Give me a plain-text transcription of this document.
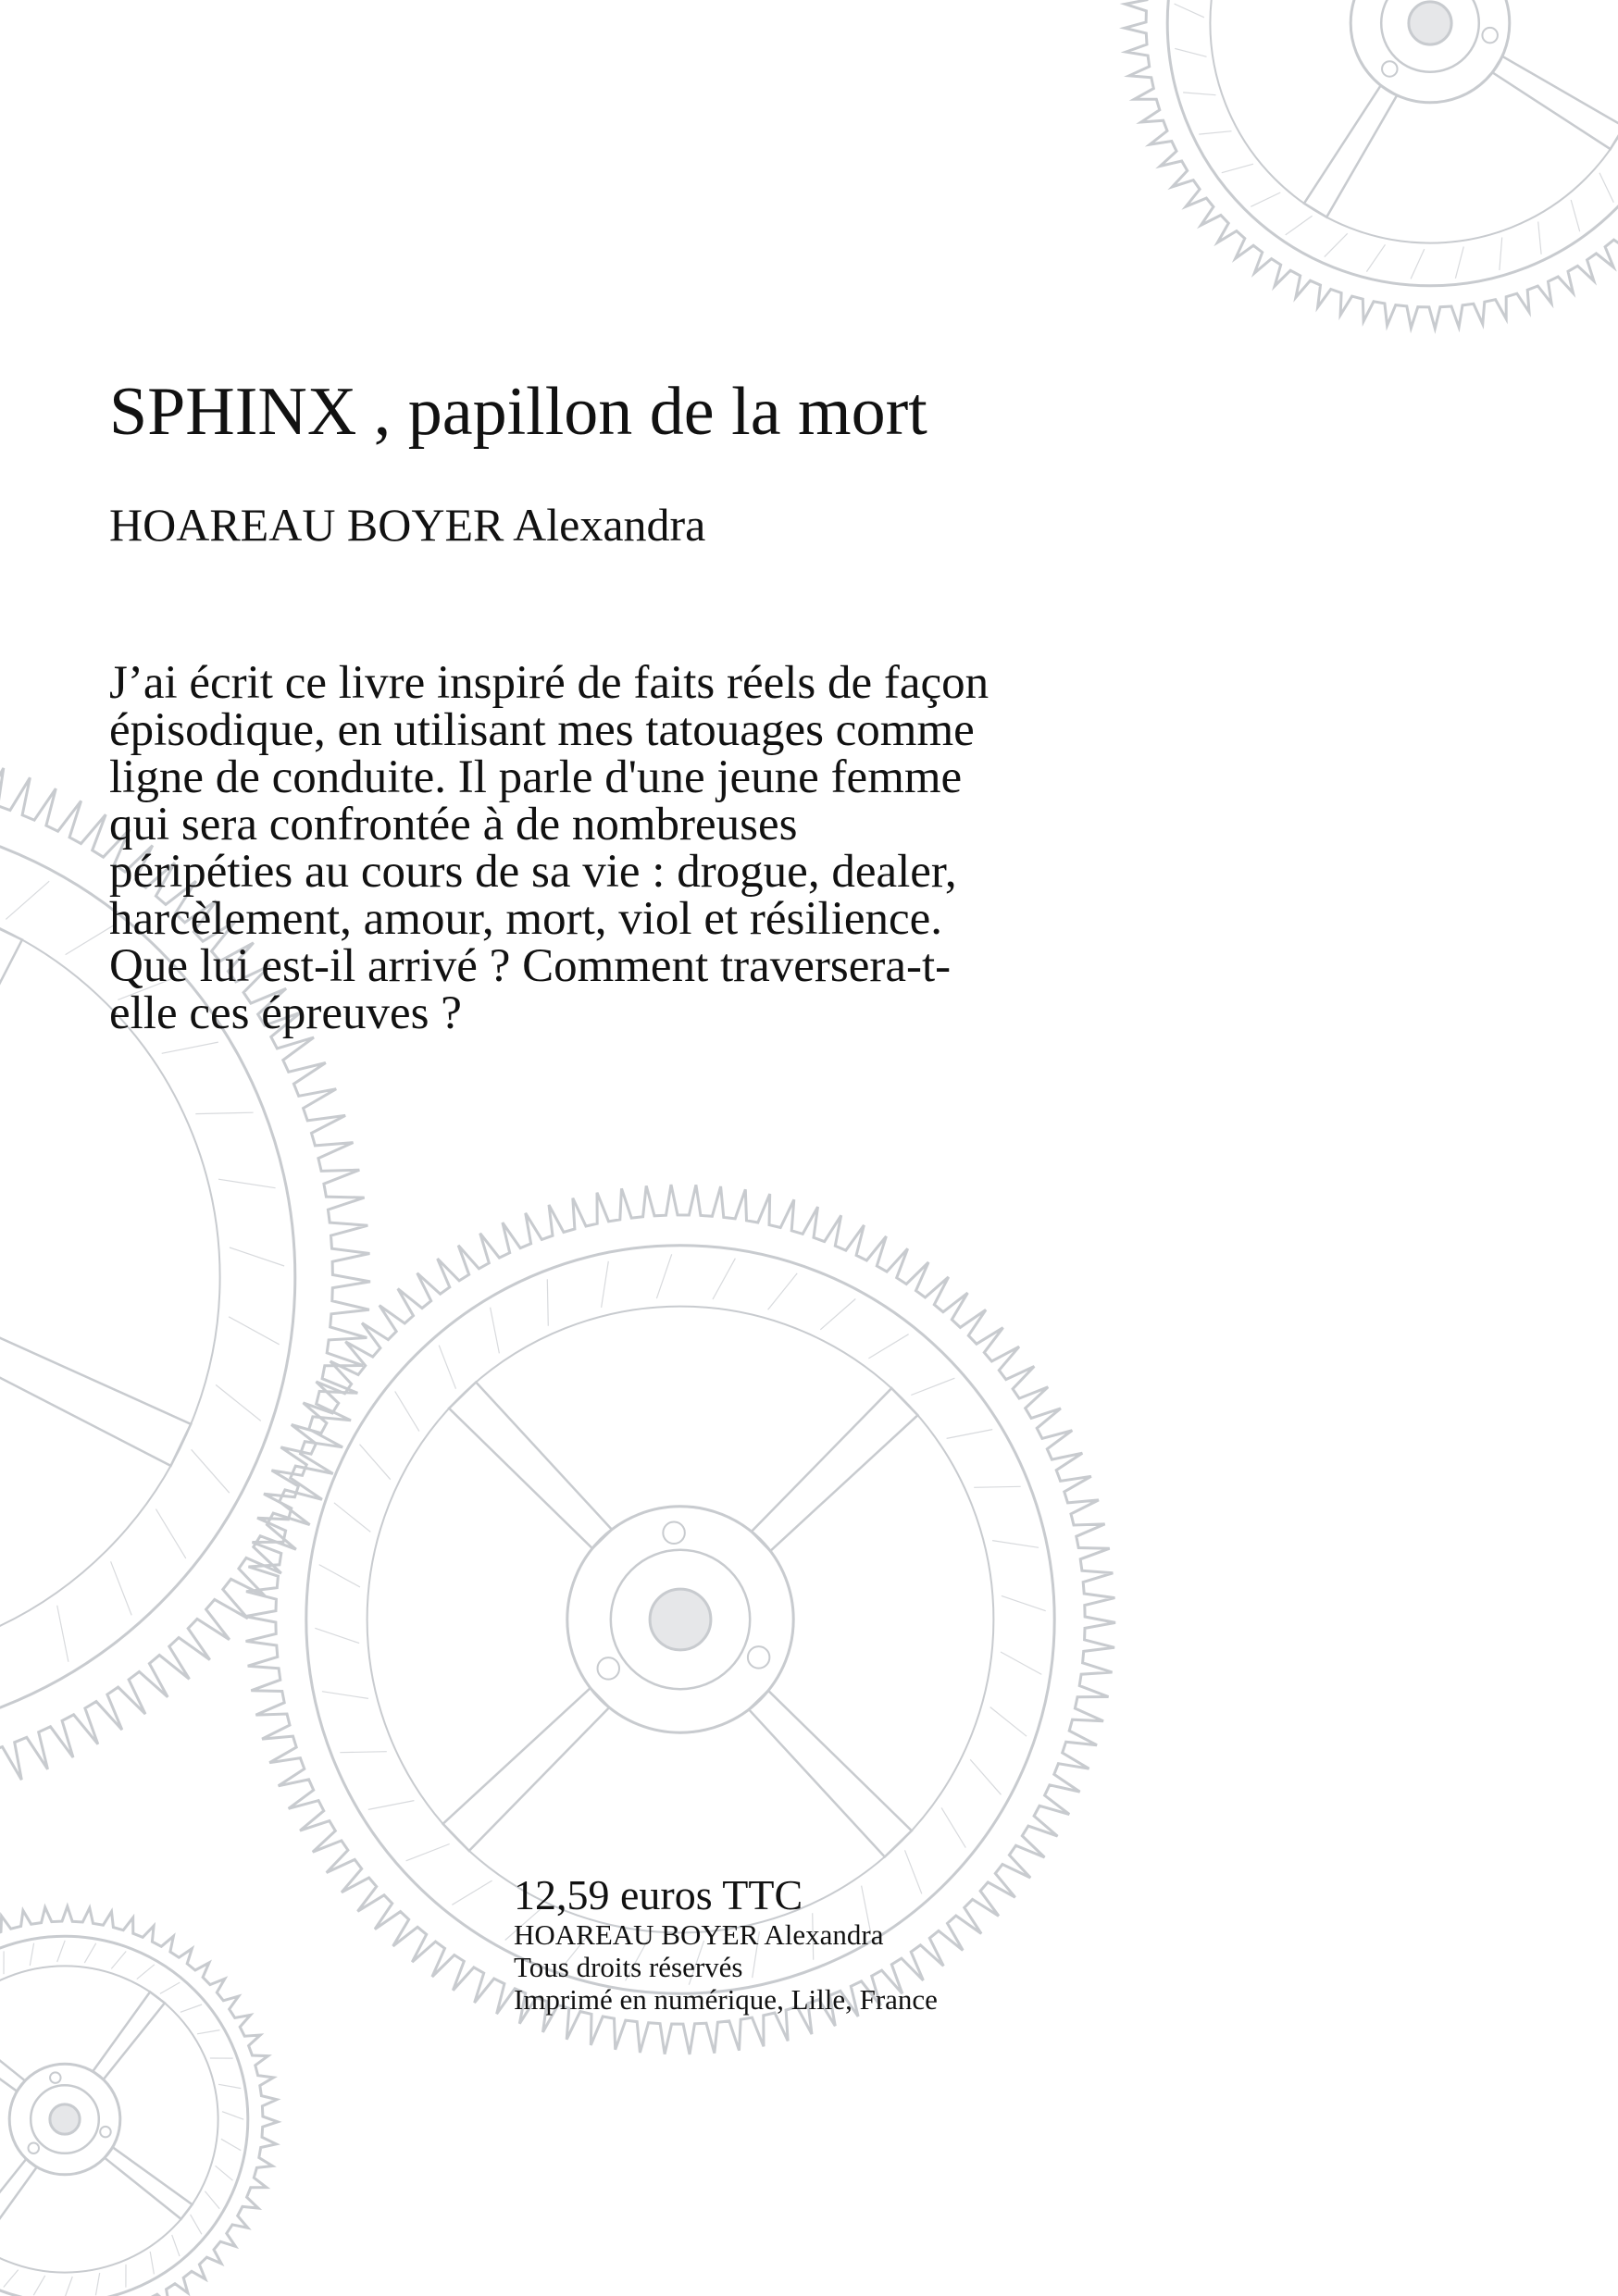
SPHINX , papillon de la mort
HOAREAU BOYER Alexandra
J’ai écrit ce livre inspiré de faits réels de façon
épisodique, en utilisant mes tatouages comme
ligne de conduite. Il parle d'une jeune femme
qui sera confrontée à de nombreuses
péripéties au cours de sa vie : drogue, dealer,
harcèlement, amour, mort, viol et résilience.
Que lui est-il arrivé ? Comment traversera-t-
elle ces épreuves ?

12,59 euros TTC

HOAREAU BOYER Alexandra

Tous droits réservés

Imprimé en numérique, Lille, France
